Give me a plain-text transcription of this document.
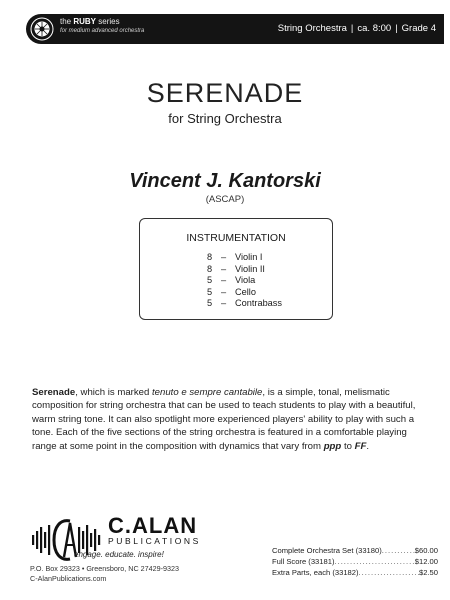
the RUBY series
for medium advanced orchestra	String Orchestra | ca. 8:00 | Grade 4
SERENADE
for String Orchestra
Vincent J. Kantorski
(ASCAP)
INSTRUMENTATION
8 – Violin I
8 – Violin II
5 – Viola
5 – Cello
5 – Contrabass
Serenade, which is marked tenuto e sempre cantabile, is a simple, tonal, melismatic composition for string orchestra that can be used to teach students to play with a beautiful, warm string tone. It can also spotlight more experienced players' ability to play with such a tone. Each of the five sections of the string orchestra is featured in a comfortable playing range at some point in the composition with dynamics that vary from ppp to FF.
C.ALAN
PUBLICATIONS
engage. educate. inspire!
P.O. Box 29323 • Greensboro, NC 27429-9323
C-AlanPublications.com
Complete Orchestra Set (33180) .....	$60.00
Full Score (33181) .....	$12.00
Extra Parts, each (33182) .....	$2.50
